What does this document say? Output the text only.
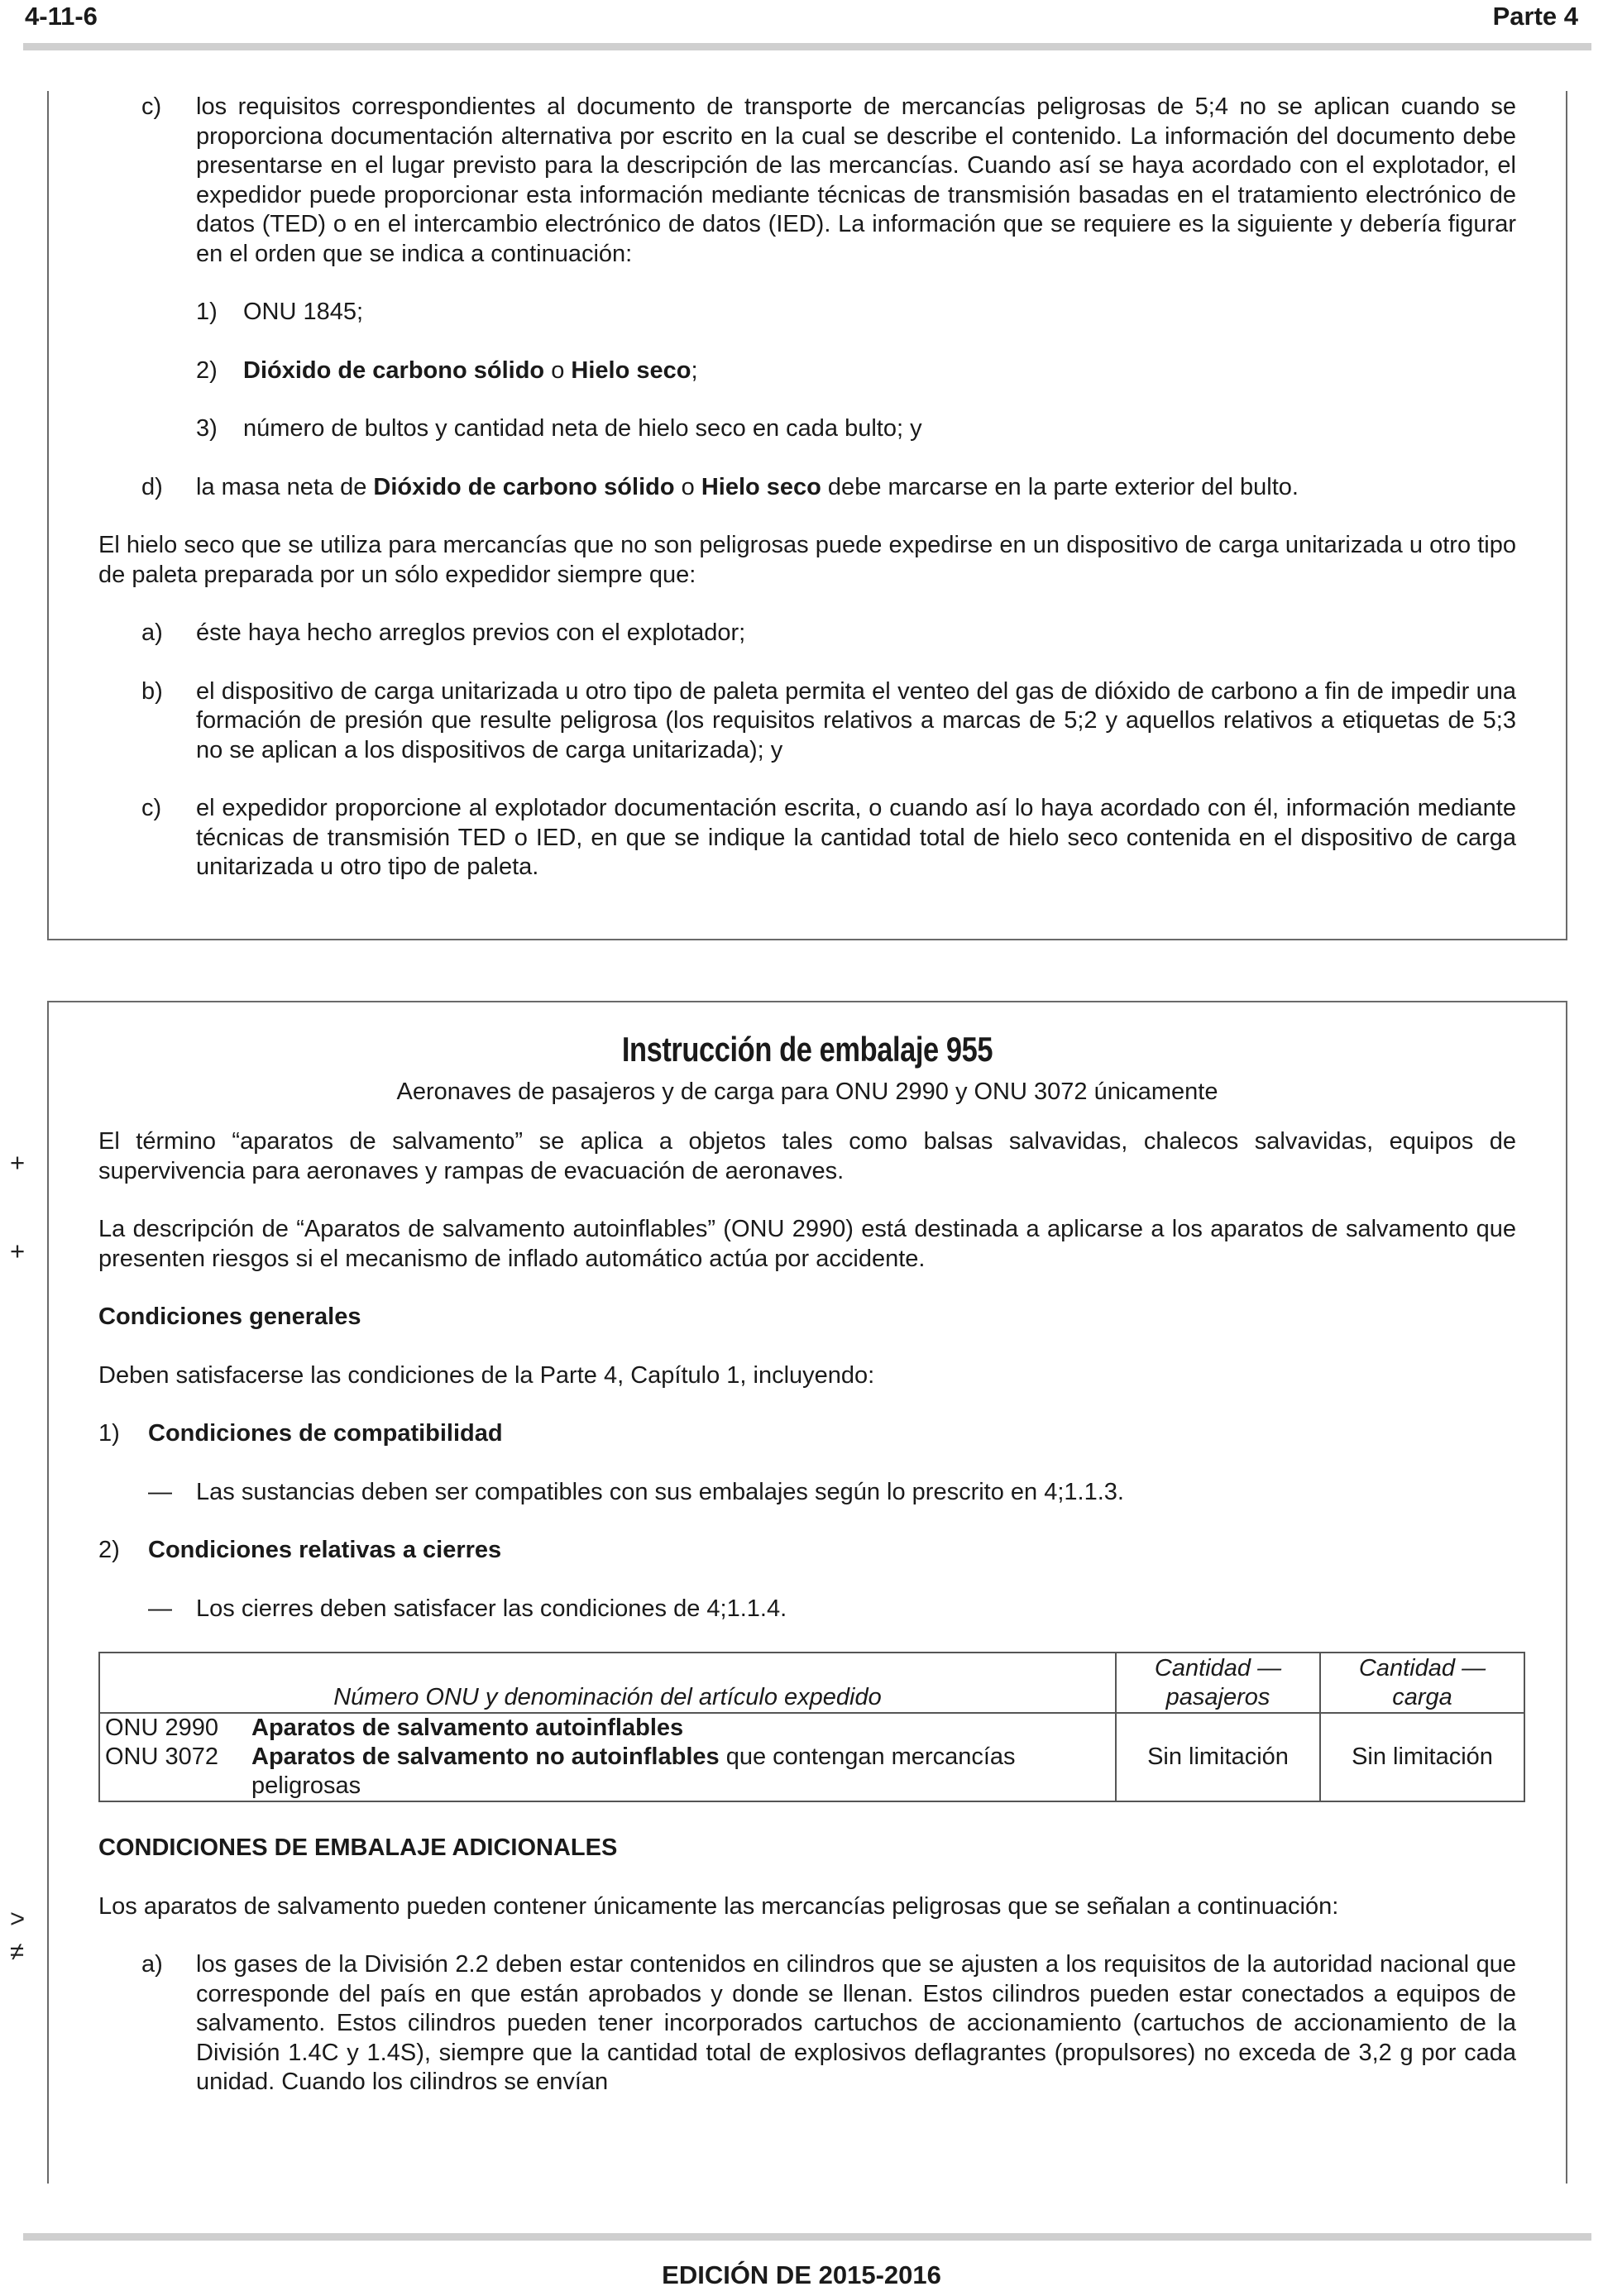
4-11-6	Parte 4
c) los requisitos correspondientes al documento de transporte de mercancías peligrosas de 5;4 no se aplican cuando se proporciona documentación alternativa por escrito en la cual se describe el contenido. La información del documento debe presentarse en el lugar previsto para la descripción de las mercancías. Cuando así se haya acordado con el explotador, el expedidor puede proporcionar esta información mediante técnicas de transmisión basadas en el tratamiento electrónico de datos (TED) o en el intercambio electrónico de datos (IED). La información que se requiere es la siguiente y debería figurar en el orden que se indica a continuación:
1)	ONU 1845;
2)	Dióxido de carbono sólido o Hielo seco;
3)	número de bultos y cantidad neta de hielo seco en cada bulto; y
d) la masa neta de Dióxido de carbono sólido o Hielo seco debe marcarse en la parte exterior del bulto.

El hielo seco que se utiliza para mercancías que no son peligrosas puede expedirse en un dispositivo de carga unitarizada u otro tipo de paleta preparada por un sólo expedidor siempre que:

a) éste haya hecho arreglos previos con el explotador;
b) el dispositivo de carga unitarizada u otro tipo de paleta permita el venteo del gas de dióxido de carbono a fin de impedir una formación de presión que resulte peligrosa (los requisitos relativos a marcas de 5;2 y aquellos relativos a etiquetas de 5;3 no se aplican a los dispositivos de carga unitarizada); y
c) el expedidor proporcione al explotador documentación escrita, o cuando así lo haya acordado con él, información mediante técnicas de transmisión TED o IED, en que se indique la cantidad total de hielo seco contenida en el dispositivo de carga unitarizada u otro tipo de paleta.
+
+
>
≠
Instrucción de embalaje 955
Aeronaves de pasajeros y de carga para ONU 2990 y ONU 3072 únicamente

El término “aparatos de salvamento” se aplica a objetos tales como balsas salvavidas, chalecos salvavidas, equipos de supervivencia para aeronaves y rampas de evacuación de aeronaves.

La descripción de “Aparatos de salvamento autoinflables” (ONU 2990) está destinada a aplicarse a los aparatos de salvamento que presenten riesgos si el mecanismo de inflado automático actúa por accidente.

Condiciones generales

Deben satisfacerse las condiciones de la Parte 4, Capítulo 1, incluyendo:

1) Condiciones de compatibilidad
— Las sustancias deben ser compatibles con sus embalajes según lo prescrito en 4;1.1.3.
2) Condiciones relativas a cierres
— Los cierres deben satisfacer las condiciones de 4;1.1.4.
Número ONU y denominación del artículo expedido	Cantidad — pasajeros	Cantidad — carga

ONU 2990 Aparatos de salvamento autoinflables
ONU 3072 Aparatos de salvamento no autoinflables que contengan mercancías peligrosas	Sin limitación	Sin limitación

CONDICIONES DE EMBALAJE ADICIONALES

Los aparatos de salvamento pueden contener únicamente las mercancías peligrosas que se señalan a continuación:

a) los gases de la División 2.2 deben estar contenidos en cilindros que se ajusten a los requisitos de la autoridad nacional que corresponde del país en que están aprobados y donde se llenan. Estos cilindros pueden estar conectados a equipos de salvamento. Estos cilindros pueden tener incorporados cartuchos de accionamiento (cartuchos de accionamiento de la División 1.4C y 1.4S), siempre que la cantidad total de explosivos deflagrantes (propulsores) no exceda de 3,2 g por cada unidad. Cuando los cilindros se envían
EDICIÓN DE 2015-2016
